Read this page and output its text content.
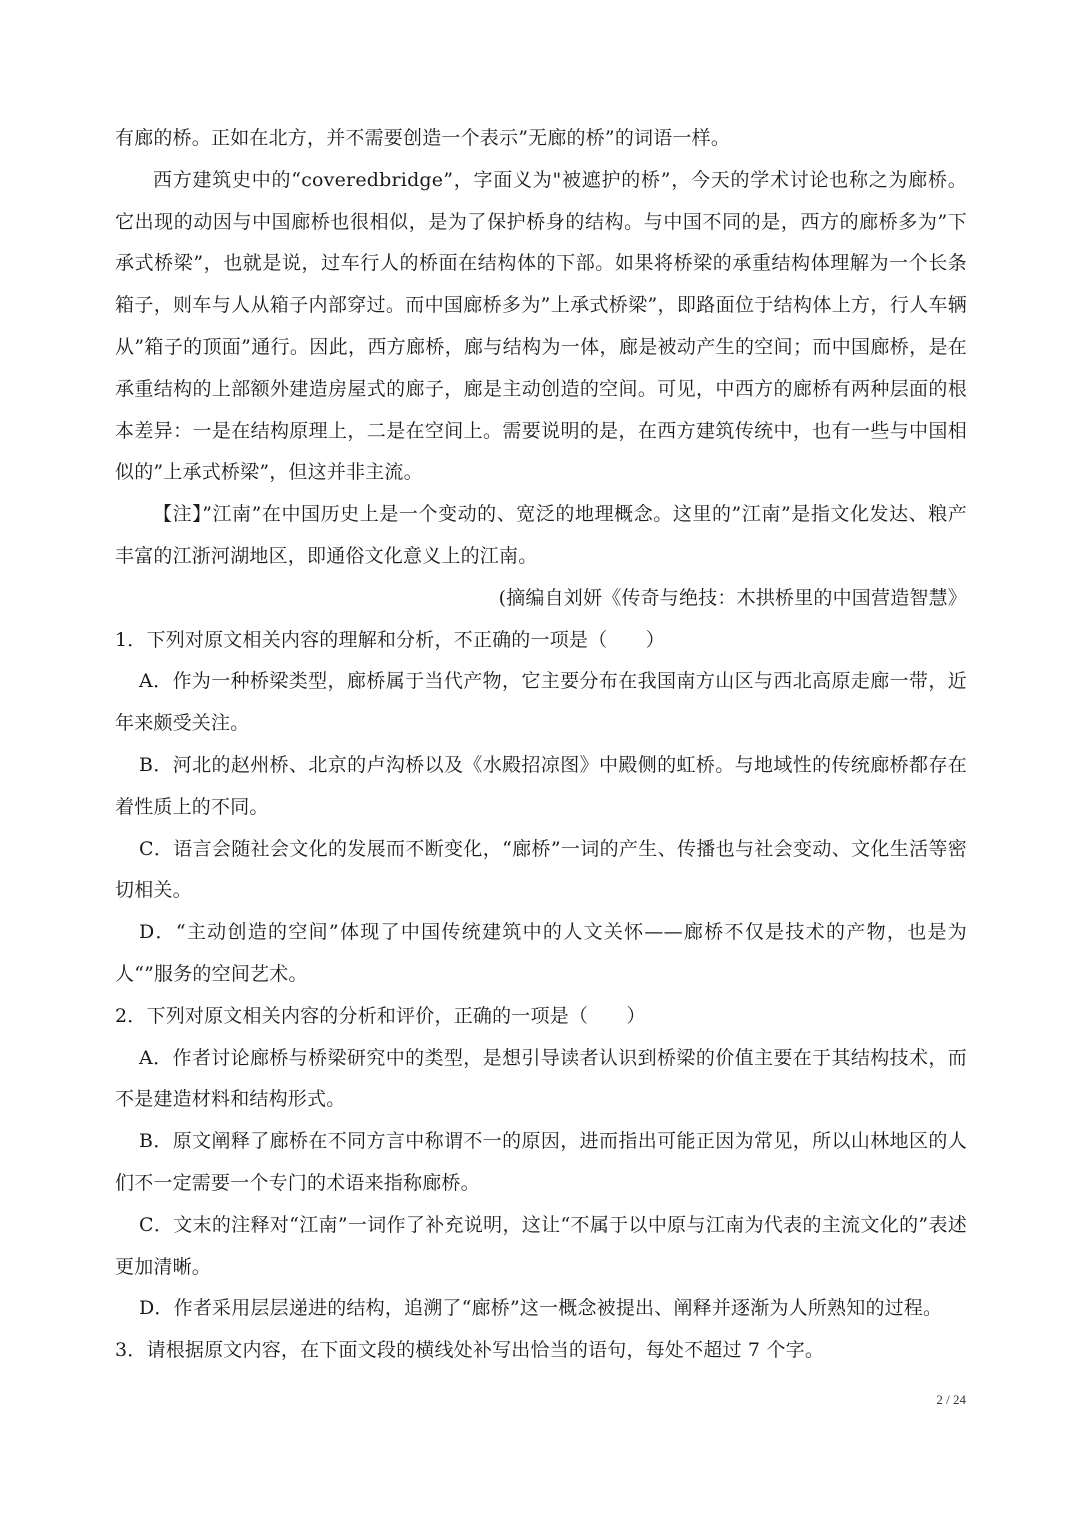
有廊的桥。正如在北方，并不需要创造一个表示”无廊的桥”的词语一样。

西方建筑史中的“coveredbridge”，字面义为"被遮护的桥”，今天的学术讨论也称之为廊桥。它出现的动因与中国廊桥也很相似，是为了保护桥身的结构。与中国不同的是，西方的廊桥多为”下承式桥梁”，也就是说，过车行人的桥面在结构体的下部。如果将桥梁的承重结构体理解为一个长条箱子，则车与人从箱子内部穿过。而中国廊桥多为”上承式桥梁”，即路面位于结构体上方，行人车辆从”箱子的顶面”通行。因此，西方廊桥，廊与结构为一体，廊是被动产生的空间；而中国廊桥，是在承重结构的上部额外建造房屋式的廊子，廊是主动创造的空间。可见，中西方的廊桥有两种层面的根本差异：一是在结构原理上，二是在空间上。需要说明的是，在西方建筑传统中，也有一些与中国相似的”上承式桥梁”，但这并非主流。

【注】”江南”在中国历史上是一个变动的、宽泛的地理概念。这里的”江南”是指文化发达、粮产丰富的江浙河湖地区，即通俗文化意义上的江南。

(摘编自刘妍《传奇与绝技：木拱桥里的中国营造智慧》

1．下列对原文相关内容的理解和分析，不正确的一项是（　　）

A．作为一种桥梁类型，廊桥属于当代产物，它主要分布在我国南方山区与西北高原走廊一带，近年来颇受关注。

B．河北的赵州桥、北京的卢沟桥以及《水殿招凉图》中殿侧的虹桥。与地域性的传统廊桥都存在着性质上的不同。

C．语言会随社会文化的发展而不断变化，“廊桥”一词的产生、传播也与社会变动、文化生活等密切相关。

D．“主动创造的空间”体现了中国传统建筑中的人文关怀——廊桥不仅是技术的产物，也是为人“”服务的空间艺术。

2．下列对原文相关内容的分析和评价，正确的一项是（　　）

A．作者讨论廊桥与桥梁研究中的类型，是想引导读者认识到桥梁的价值主要在于其结构技术，而不是建造材料和结构形式。

B．原文阐释了廊桥在不同方言中称谓不一的原因，进而指出可能正因为常见，所以山林地区的人们不一定需要一个专门的术语来指称廊桥。

C．文末的注释对“江南”一词作了补充说明，这让“不属于以中原与江南为代表的主流文化的”表述更加清晰。

D．作者采用层层递进的结构，追溯了“廊桥”这一概念被提出、阐释并逐渐为人所熟知的过程。

3．请根据原文内容，在下面文段的横线处补写出恰当的语句，每处不超过 7 个字。

2 / 24
